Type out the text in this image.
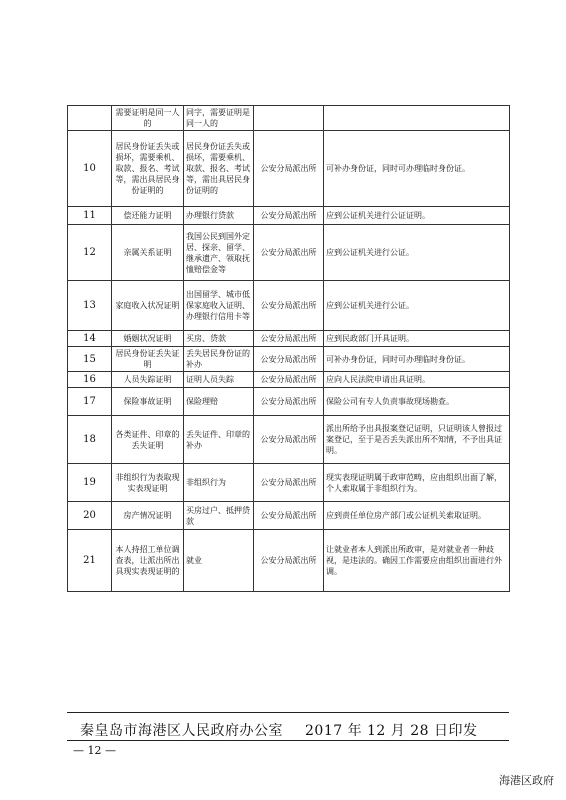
	需要证明是同一人的	同字，需要证明是同一人的		
10	居民身份证丢失或损坏，需要乘机、取款、报名、考试等，需出具居民身份证明的	居民身份证丢失或损坏，需要乘机、取款、报名、考试等，需出具居民身份证明的	公安分局派出所	可补办身份证，同时可办理临时身份证。
11	偿还能力证明	办理银行贷款	公安分局派出所	应到公证机关进行公证证明。
12	亲属关系证明	我国公民到国外定居、探亲、留学、继承遗产、领取抚恤赔偿金等	公安分局派出所	应到公证机关进行公证。
13	家庭收入状况证明	出国留学、城市低保家庭收入证明、办理银行信用卡等	公安分局派出所	应到公证机关进行公证。
14	婚姻状况证明	买房、贷款	公安分局派出所	应到民政部门开具证明。
15	居民身份证丢失证明	丢失居民身份证的补办	公安分局派出所	可补办身份证，同时可办理临时身份证。
16	人员失踪证明	证明人员失踪	公安分局派出所	应向人民法院申请出具证明。
17	保险事故证明	保险理赔	公安分局派出所	保险公司有专人负责事故现场勘查。
18	各类证件、印章的丢失证明	丢失证件、印章的补办	公安分局派出所	派出所给予出具报案登记证明，只证明该人曾报过案登记，至于是否丢失派出所不知情，不予出具证明。
19	非组织行为表取现实表现证明	非组织行为	公安分局派出所	现实表现证明属于政审范畴，应由组织出面了解，个人索取属于非组织行为。
20	房产情况证明	买房过户、抵押贷款	公安分局派出所	应到责任单位房产部门或公证机关索取证明。
21	本人持招工单位调查表，让派出所出具现实表现证明的	就业	公安分局派出所	让就业者本人到派出所政审，是对就业者一种歧视，是违法的。确因工作需要应由组织出面进行外调。
秦皇岛市海港区人民政府办公室 2017 年 12 月 28 日印发
— 12 —
海港区政府
